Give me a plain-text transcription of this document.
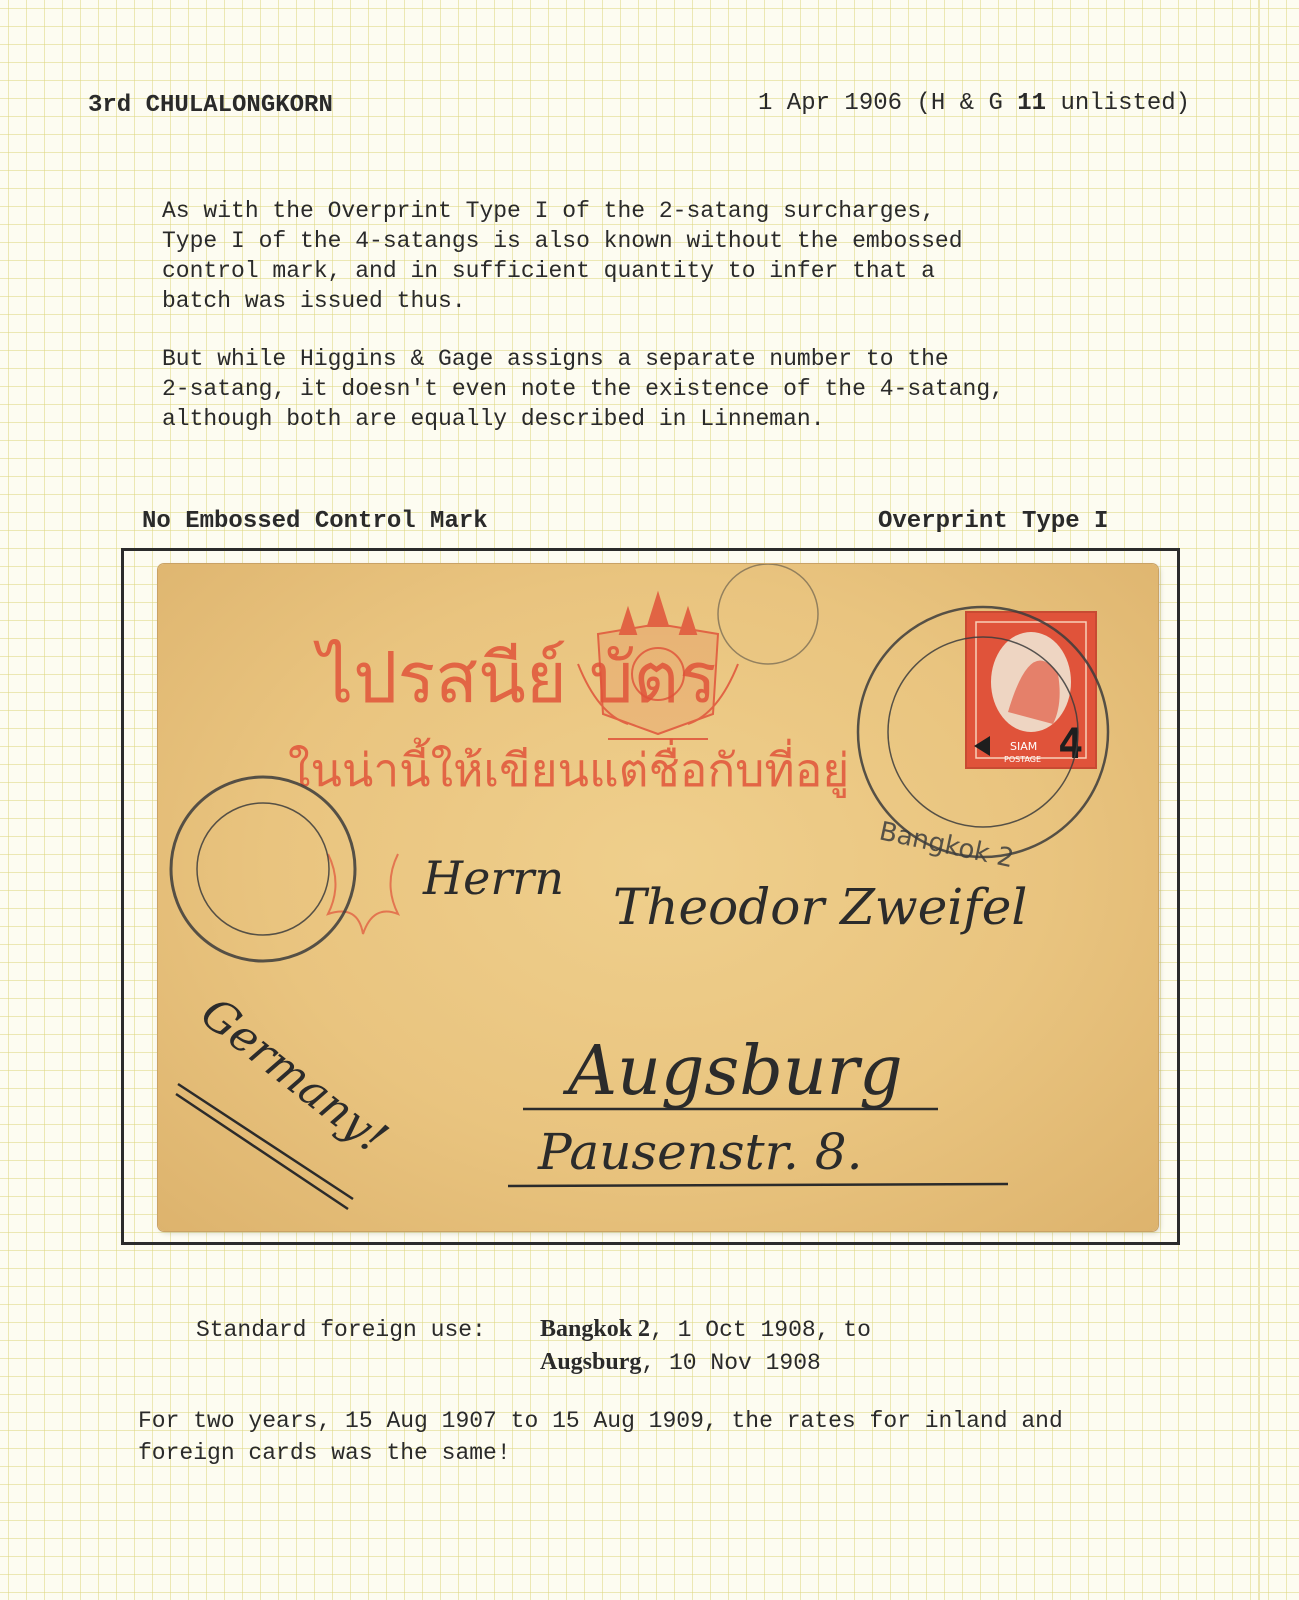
3rd CHULALONGKORN	1 Apr 1906 (H & G 11 unlisted)
As with the Overprint Type I of the 2-satang surcharges,
Type I of the 4-satangs is also known without the embossed
control mark, and in sufficient quantity to infer that a
batch was issued thus.
But while Higgins & Gage assigns a separate number to the
2-satang, it doesn't even note the existence of the 4-satang,
although both are equally described in Linneman.
No Embossed Control Mark	Overprint Type I
ไปรสนีย์ บัตร
ในน่านี้ให้เขียนแต่ชื่อกับที่อยู่	SIAM
POSTAGE 4
Bangkok 2
Herrn Theodor Zweifel
Augsburg
Pausenstr. 8.
Germany!
Standard foreign use: Bangkok 2, 1 Oct 1908, to
Augsburg, 10 Nov 1908
For two years, 15 Aug 1907 to 15 Aug 1909, the rates for inland and
foreign cards was the same!
